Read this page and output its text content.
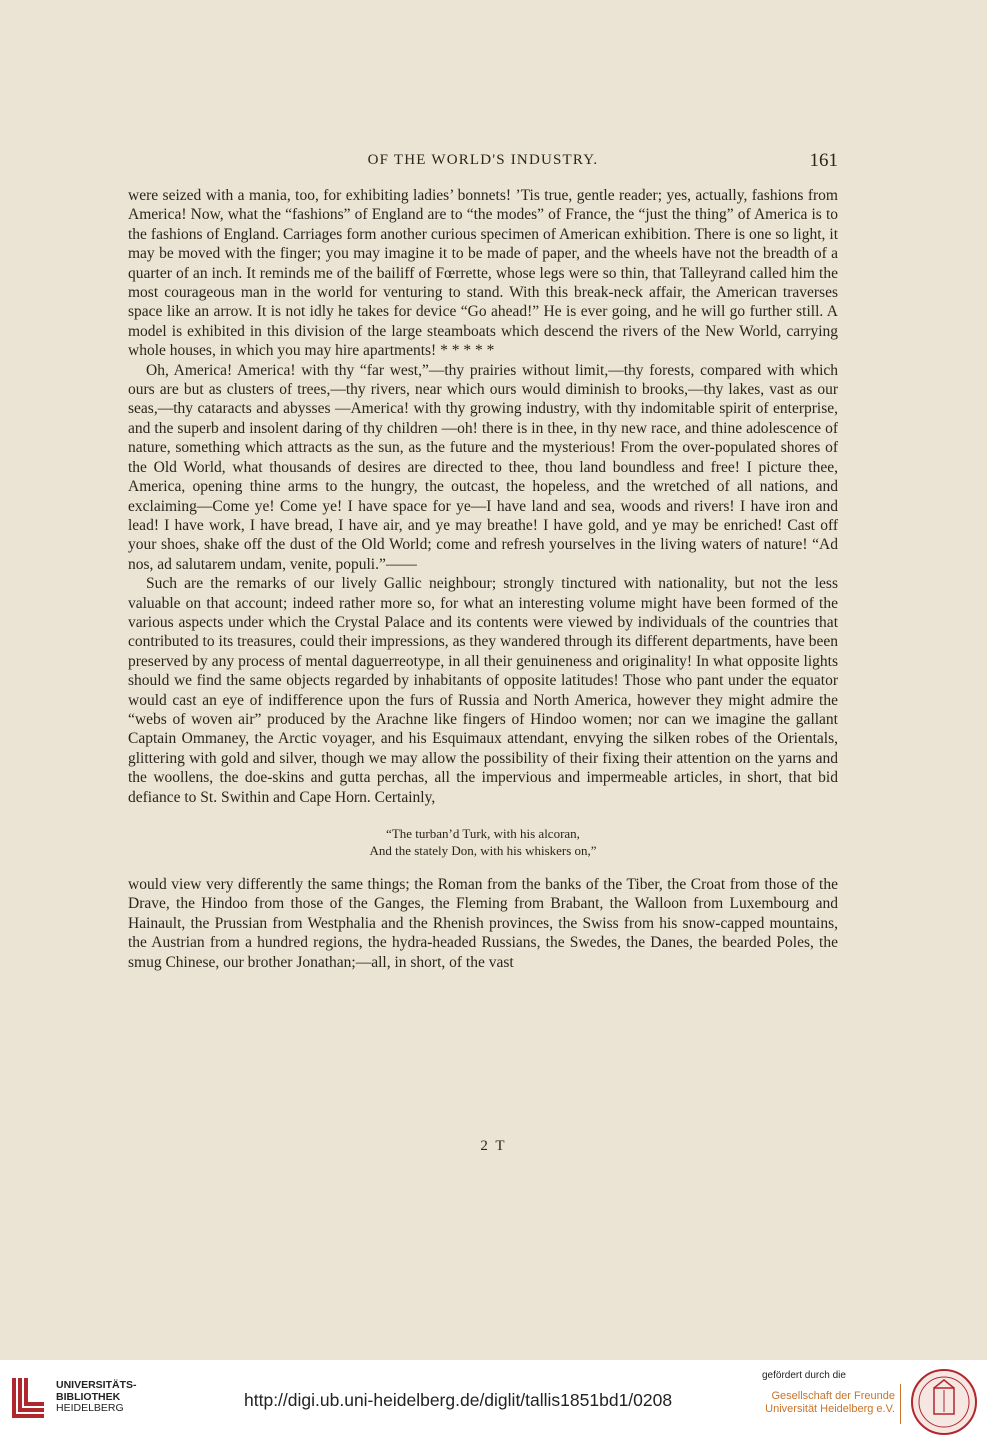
OF THE WORLD'S INDUSTRY.	161

were seized with a mania, too, for exhibiting ladies’ bonnets! ’Tis true, gentle reader; yes, actually, fashions from America! Now, what the “fashions” of England are to “the modes” of France, the “just the thing” of America is to the fashions of England. Carriages form another curious specimen of American exhibition. There is one so light, it may be moved with the finger; you may imagine it to be made of paper, and the wheels have not the breadth of a quarter of an inch. It reminds me of the bailiff of Fœrrette, whose legs were so thin, that Talleyrand called him the most courageous man in the world for venturing to stand. With this break-neck affair, the American traverses space like an arrow. It is not idly he takes for device “Go ahead!” He is ever going, and he will go further still. A model is exhibited in this division of the large steamboats which descend the rivers of the New World, carrying whole houses, in which you may hire apartments! * * * * *

Oh, America! America! with thy “far west,”—thy prairies without limit,—thy forests, compared with which ours are but as clusters of trees,—thy rivers, near which ours would diminish to brooks,—thy lakes, vast as our seas,—thy cataracts and abysses —America! with thy growing industry, with thy indomitable spirit of enterprise, and the superb and insolent daring of thy children —oh! there is in thee, in thy new race, and thine adolescence of nature, something which attracts as the sun, as the future and the mysterious! From the over-populated shores of the Old World, what thousands of desires are directed to thee, thou land boundless and free! I picture thee, America, opening thine arms to the hungry, the outcast, the hopeless, and the wretched of all nations, and exclaiming—Come ye! Come ye! I have space for ye—I have land and sea, woods and rivers! I have iron and lead! I have work, I have bread, I have air, and ye may breathe! I have gold, and ye may be enriched! Cast off your shoes, shake off the dust of the Old World; come and refresh yourselves in the living waters of nature! “Ad nos, ad salutarem undam, venite, populi.”——

Such are the remarks of our lively Gallic neighbour; strongly tinctured with nationality, but not the less valuable on that account; indeed rather more so, for what an interesting volume might have been formed of the various aspects under which the Crystal Palace and its contents were viewed by individuals of the countries that contributed to its treasures, could their impressions, as they wandered through its different departments, have been preserved by any process of mental daguerreotype, in all their genuineness and originality! In what opposite lights should we find the same objects regarded by inhabitants of opposite latitudes! Those who pant under the equator would cast an eye of indifference upon the furs of Russia and North America, however they might admire the “webs of woven air” produced by the Arachne like fingers of Hindoo women; nor can we imagine the gallant Captain Ommaney, the Arctic voyager, and his Esquimaux attendant, envying the silken robes of the Orientals, glittering with gold and silver, though we may allow the possibility of their fixing their attention on the yarns and the woollens, the doe-skins and gutta perchas, all the impervious and impermeable articles, in short, that bid defiance to St. Swithin and Cape Horn. Certainly,

“The turban’d Turk, with his alcoran,
And the stately Don, with his whiskers on,”

would view very differently the same things; the Roman from the banks of the Tiber, the Croat from those of the Drave, the Hindoo from those of the Ganges, the Fleming from Brabant, the Walloon from Luxembourg and Hainault, the Prussian from Westphalia and the Rhenish provinces, the Swiss from his snow-capped mountains, the Austrian from a hundred regions, the hydra-headed Russians, the Swedes, the Danes, the bearded Poles, the smug Chinese, our brother Jonathan;—all, in short, of the vast

2 T
UNIVERSITÄTS-
BIBLIOTHEK
HEIDELBERG	http://digi.ub.uni-heidelberg.de/diglit/tallis1851bd1/0208
gefördert durch die
Gesellschaft der Freunde
Universität Heidelberg e.V.
